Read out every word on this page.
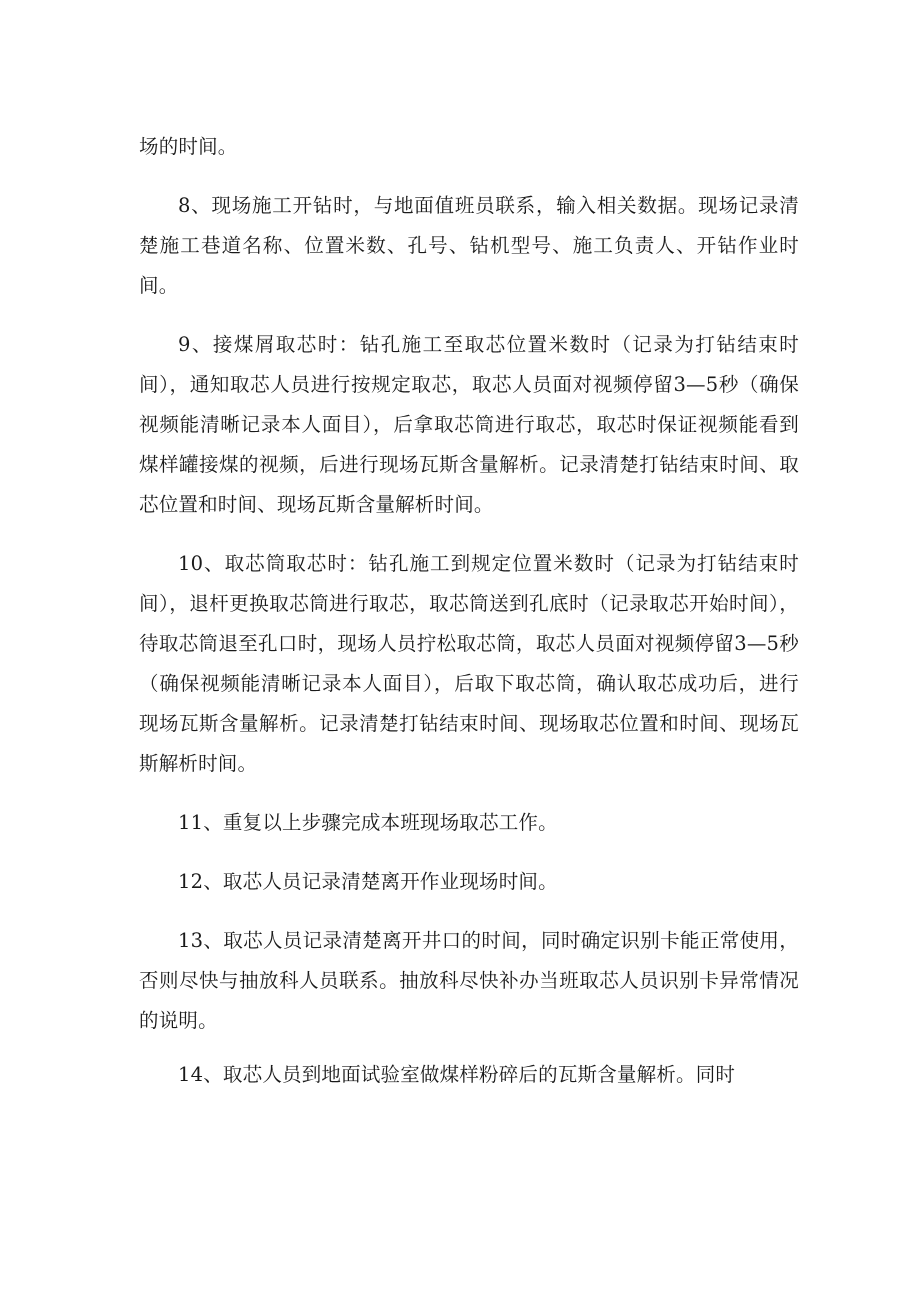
场的时间。

8、现场施工开钻时，与地面值班员联系，输入相关数据。现场记录清楚施工巷道名称、位置米数、孔号、钻机型号、施工负责人、开钻作业时间。

9、接煤屑取芯时：钻孔施工至取芯位置米数时（记录为打钻结束时间），通知取芯人员进行按规定取芯，取芯人员面对视频停留3—5秒（确保视频能清晰记录本人面目），后拿取芯筒进行取芯，取芯时保证视频能看到煤样罐接煤的视频，后进行现场瓦斯含量解析。记录清楚打钻结束时间、取芯位置和时间、现场瓦斯含量解析时间。

10、取芯筒取芯时：钻孔施工到规定位置米数时（记录为打钻结束时间），退杆更换取芯筒进行取芯，取芯筒送到孔底时（记录取芯开始时间），待取芯筒退至孔口时，现场人员拧松取芯筒，取芯人员面对视频停留3—5秒（确保视频能清晰记录本人面目），后取下取芯筒，确认取芯成功后，进行现场瓦斯含量解析。记录清楚打钻结束时间、现场取芯位置和时间、现场瓦斯解析时间。

11、重复以上步骤完成本班现场取芯工作。

12、取芯人员记录清楚离开作业现场时间。

13、取芯人员记录清楚离开井口的时间，同时确定识别卡能正常使用，否则尽快与抽放科人员联系。抽放科尽快补办当班取芯人员识别卡异常情况的说明。

14、取芯人员到地面试验室做煤样粉碎后的瓦斯含量解析。同时
